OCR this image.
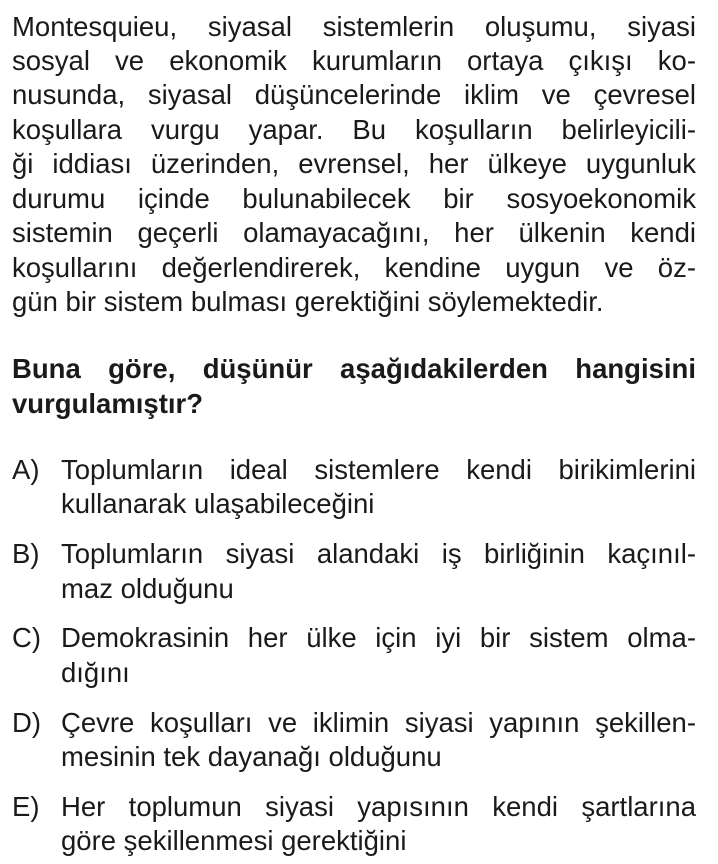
Montesquieu, siyasal sistemlerin oluşumu, siyasi
sosyal ve ekonomik kurumların ortaya çıkışı ko-
nusunda, siyasal düşüncelerinde iklim ve çevresel
koşullara vurgu yapar. Bu koşulların belirleyicili-
ği iddiası üzerinden, evrensel, her ülkeye uygunluk
durumu içinde bulunabilecek bir sosyoekonomik
sistemin geçerli olamayacağını, her ülkenin kendi
koşullarını değerlendirerek, kendine uygun ve öz-
gün bir sistem bulması gerektiğini söylemektedir.
Buna göre, düşünür aşağıdakilerden hangisini
vurgulamıştır?
A) Toplumların ideal sistemlere kendi birikimlerini
kullanarak ulaşabileceğini
B) Toplumların siyasi alandaki iş birliğinin kaçınıl-
maz olduğunu
C) Demokrasinin her ülke için iyi bir sistem olma-
dığını
D) Çevre koşulları ve iklimin siyasi yapının şekillen-
mesinin tek dayanağı olduğunu
E) Her toplumun siyasi yapısının kendi şartlarına
göre şekillenmesi gerektiğini
